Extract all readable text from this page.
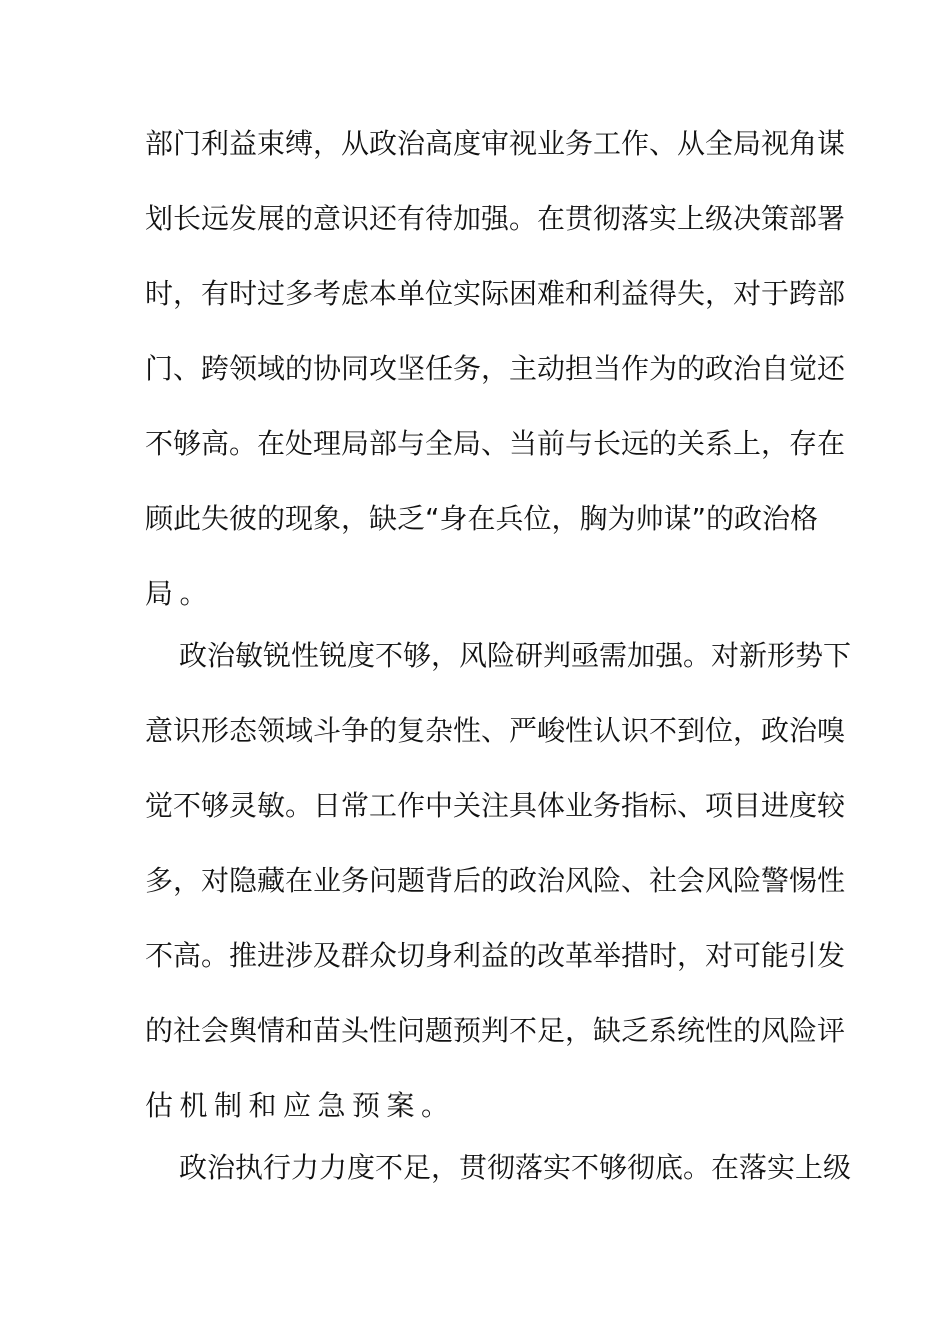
部门利益束缚，从政治高度审视业务工作、从全局视角谋
划长远发展的意识还有待加强。在贯彻落实上级决策部署
时，有时过多考虑本单位实际困难和利益得失，对于跨部
门、跨领域的协同攻坚任务，主动担当作为的政治自觉还
不够高。在处理局部与全局、当前与长远的关系上，存在
顾此失彼的现象，缺乏“身在兵位，胸为帅谋”的政治格
局。
政治敏锐性锐度不够，风险研判亟需加强。对新形势下
意识形态领域斗争的复杂性、严峻性认识不到位，政治嗅
觉不够灵敏。日常工作中关注具体业务指标、项目进度较
多，对隐藏在业务问题背后的政治风险、社会风险警惕性
不高。推进涉及群众切身利益的改革举措时，对可能引发
的社会舆情和苗头性问题预判不足，缺乏系统性的风险评
估机制和应急预案。
政治执行力力度不足，贯彻落实不够彻底。在落实上级
